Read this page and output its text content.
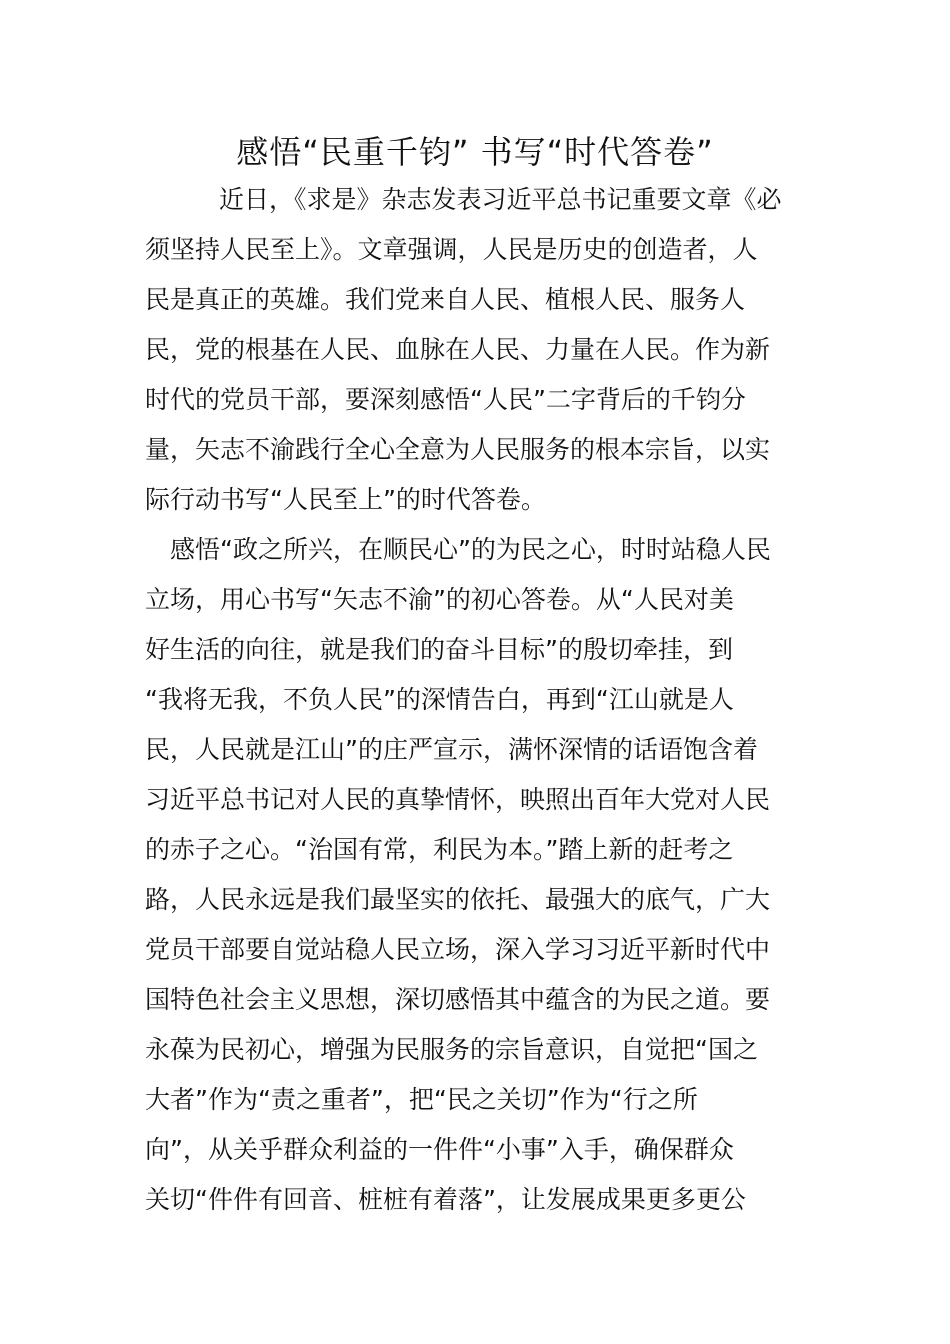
感悟“民重千钧” 书写“时代答卷”
近日，《求是》杂志发表习近平总书记重要文章《必
须坚持人民至上》。文章强调，人民是历史的创造者，人
民是真正的英雄。我们党来自人民、植根人民、服务人
民，党的根基在人民、血脉在人民、力量在人民。作为新
时代的党员干部，要深刻感悟“人民”二字背后的千钧分
量，矢志不渝践行全心全意为人民服务的根本宗旨，以实
际行动书写“人民至上”的时代答卷。
感悟“政之所兴，在顺民心”的为民之心，时时站稳人民
立场，用心书写“矢志不渝”的初心答卷。从“人民对美
好生活的向往，就是我们的奋斗目标”的殷切牵挂，到
“我将无我，不负人民”的深情告白，再到“江山就是人
民，人民就是江山”的庄严宣示，满怀深情的话语饱含着
习近平总书记对人民的真挚情怀，映照出百年大党对人民
的赤子之心。“治国有常，利民为本。”踏上新的赶考之
路，人民永远是我们最坚实的依托、最强大的底气，广大
党员干部要自觉站稳人民立场，深入学习习近平新时代中
国特色社会主义思想，深切感悟其中蕴含的为民之道。要
永葆为民初心，增强为民服务的宗旨意识，自觉把“国之
大者”作为“责之重者”，把“民之关切”作为“行之所
向”，从关乎群众利益的一件件“小事”入手，确保群众
关切“件件有回音、桩桩有着落”，让发展成果更多更公
